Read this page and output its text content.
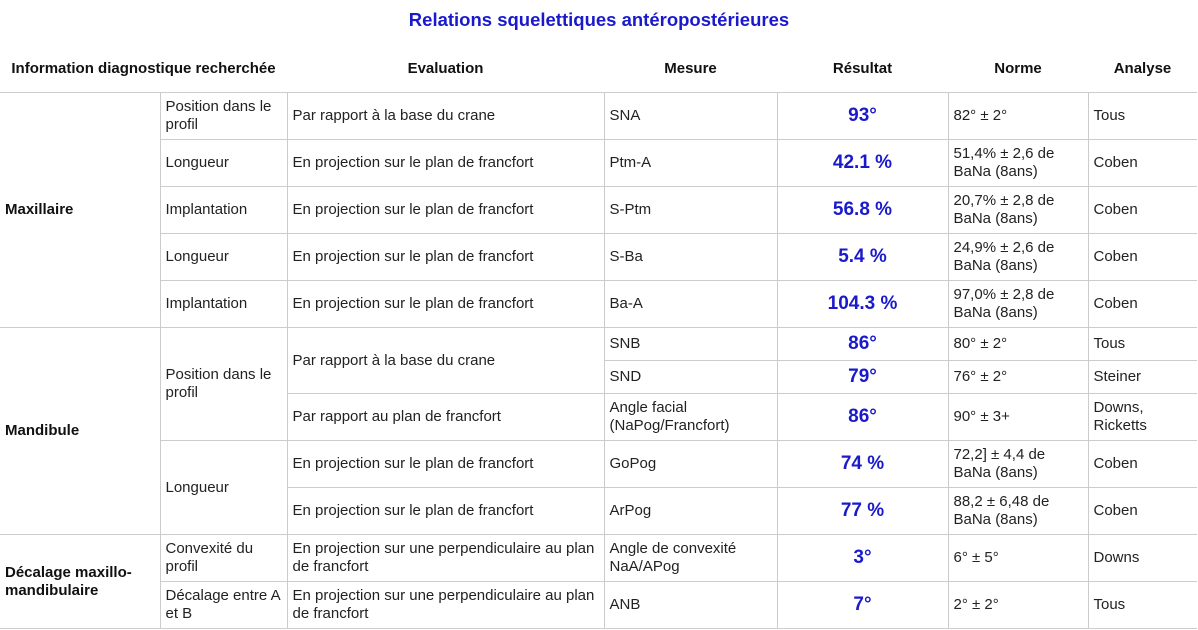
Relations squelettiques antéropostérieures
Information diagnostique recherchée		Evaluation	Mesure	Résultat	Norme	Analyse
Maxillaire	Position dans le profil	Par rapport à la base du crane	SNA	93°	82° ± 2°	Tous
	Longueur	En projection sur le plan de francfort	Ptm-A	42.1 %	51,4% ± 2,6 de BaNa (8ans)	Coben
	Implantation	En projection sur le plan de francfort	S-Ptm	56.8 %	20,7% ± 2,8 de BaNa (8ans)	Coben
	Longueur	En projection sur le plan de francfort	S-Ba	5.4 %	24,9% ± 2,6 de BaNa (8ans)	Coben
	Implantation	En projection sur le plan de francfort	Ba-A	104.3 %	97,0% ± 2,8 de BaNa (8ans)	Coben
Mandibule	Position dans le profil	Par rapport à la base du crane	SNB	86°	80° ± 2°	Tous
			SND	79°	76° ± 2°	Steiner
		Par rapport au plan de francfort	Angle facial (NaPog/Francfort)	86°	90° ± 3+	Downs, Ricketts
	Longueur	En projection sur le plan de francfort	GoPog	74 %	72,2] ± 4,4 de BaNa (8ans)	Coben
		En projection sur le plan de francfort	ArPog	77 %	88,2 ± 6,48 de BaNa (8ans)	Coben
Décalage maxillo-mandibulaire	Convexité du profil	En projection sur une perpendiculaire au plan de francfort	Angle de convexité NaA/APog	3°	6° ± 5°	Downs
	Décalage entre A et B	En projection sur une perpendiculaire au plan de francfort	ANB	7°	2° ± 2°	Tous
